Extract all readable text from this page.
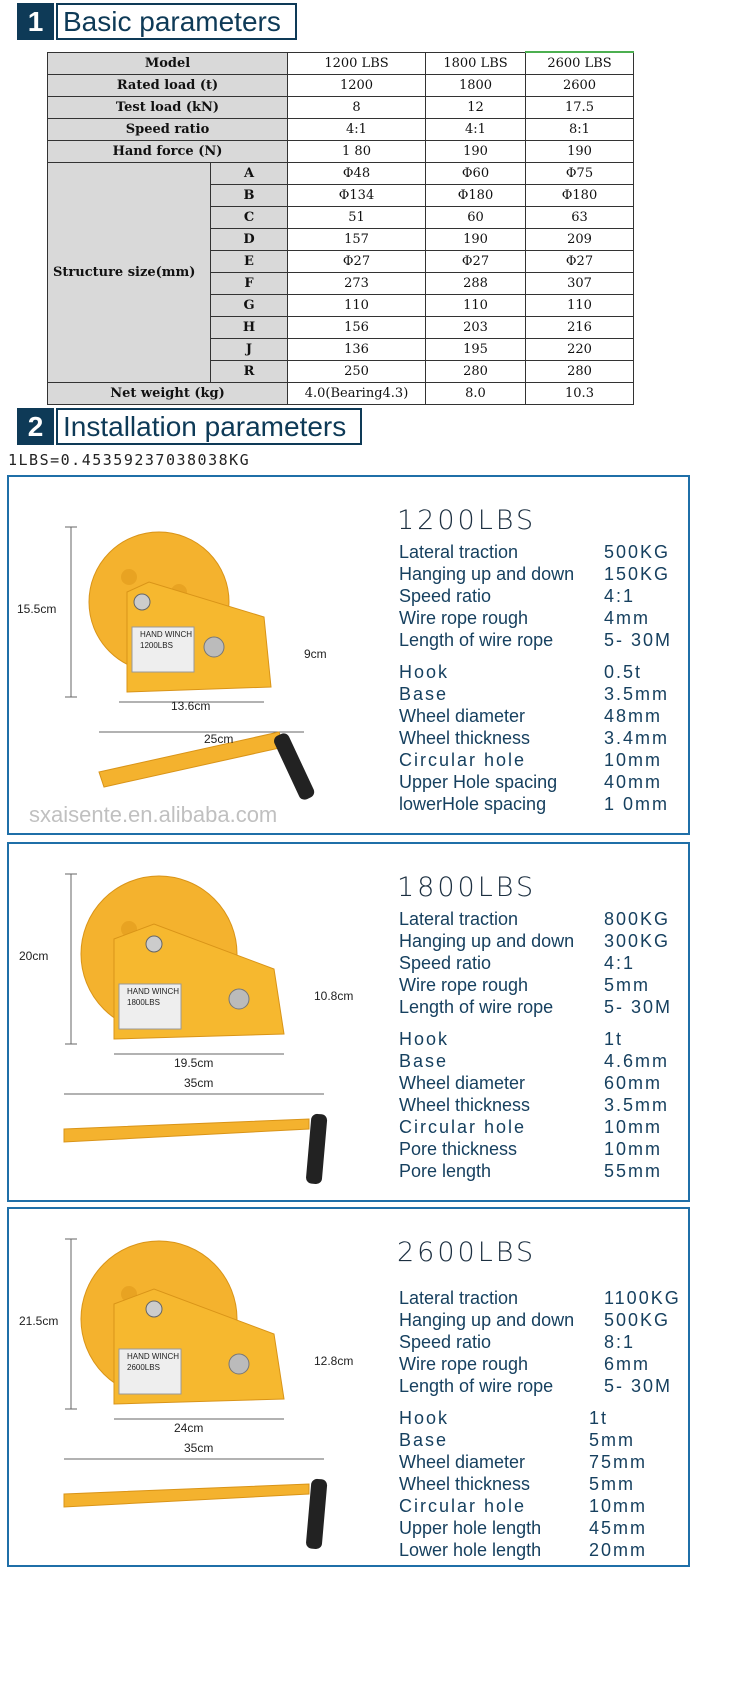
1 Basic parameters
Model		1200 LBS	1800 LBS	2600 LBS
Rated load (t)		1200	1800	2600
Test load (kN)		8	12	17.5
Speed ratio		4:1	4:1	8:1
Hand force (N)		1 80	190	190
Structure size(mm)	A	Φ48	Φ60	Φ75
	B	Φ134	Φ180	Φ180
	C	51	60	63
	D	157	190	209
	E	Φ27	Φ27	Φ27
	F	273	288	307
	G	110	110	110
	H	156	203	216
	J	136	195	220
	R	250	280	280
Net weight (kg)		4.0(Bearing4.3)	8.0	10.3
2 Installation parameters
1LBS=0.45359237038038KG
15.5cm
13.6cm
9cm
25cm
HAND WINCH
1200LBS
1200LBS
Lateral traction	500KG
Hanging up and down	150KG
Speed ratio	4:1
Wire rope rough	4mm
Length of wire rope	5- 30M
Hook	0.5t
Base	3.5mm
Wheel diameter	48mm
Wheel thickness	3.4mm
Circular hole	10mm
Upper Hole spacing	40mm
lowerHole spacing	1 0mm
sxaisente.en.alibaba.com
20cm
19.5cm
10.8cm
35cm
HAND WINCH
1800LBS
1800LBS
Lateral traction	800KG
Hanging up and down	300KG
Speed ratio	4:1
Wire rope rough	5mm
Length of wire rope	5- 30M
Hook	1t
Base	4.6mm
Wheel diameter	60mm
Wheel thickness	3.5mm
Circular hole	10mm
Pore thickness	10mm
Pore length	55mm
21.5cm
24cm
12.8cm
35cm
HAND WINCH
2600LBS
2600LBS
Lateral traction	1100KG
Hanging up and down	500KG
Speed ratio	8:1
Wire rope rough	6mm
Length of wire rope	5- 30M
Hook	1t
Base	5mm
Wheel diameter	75mm
Wheel thickness	5mm
Circular hole	10mm
Upper hole length	45mm
Lower hole length	20mm
